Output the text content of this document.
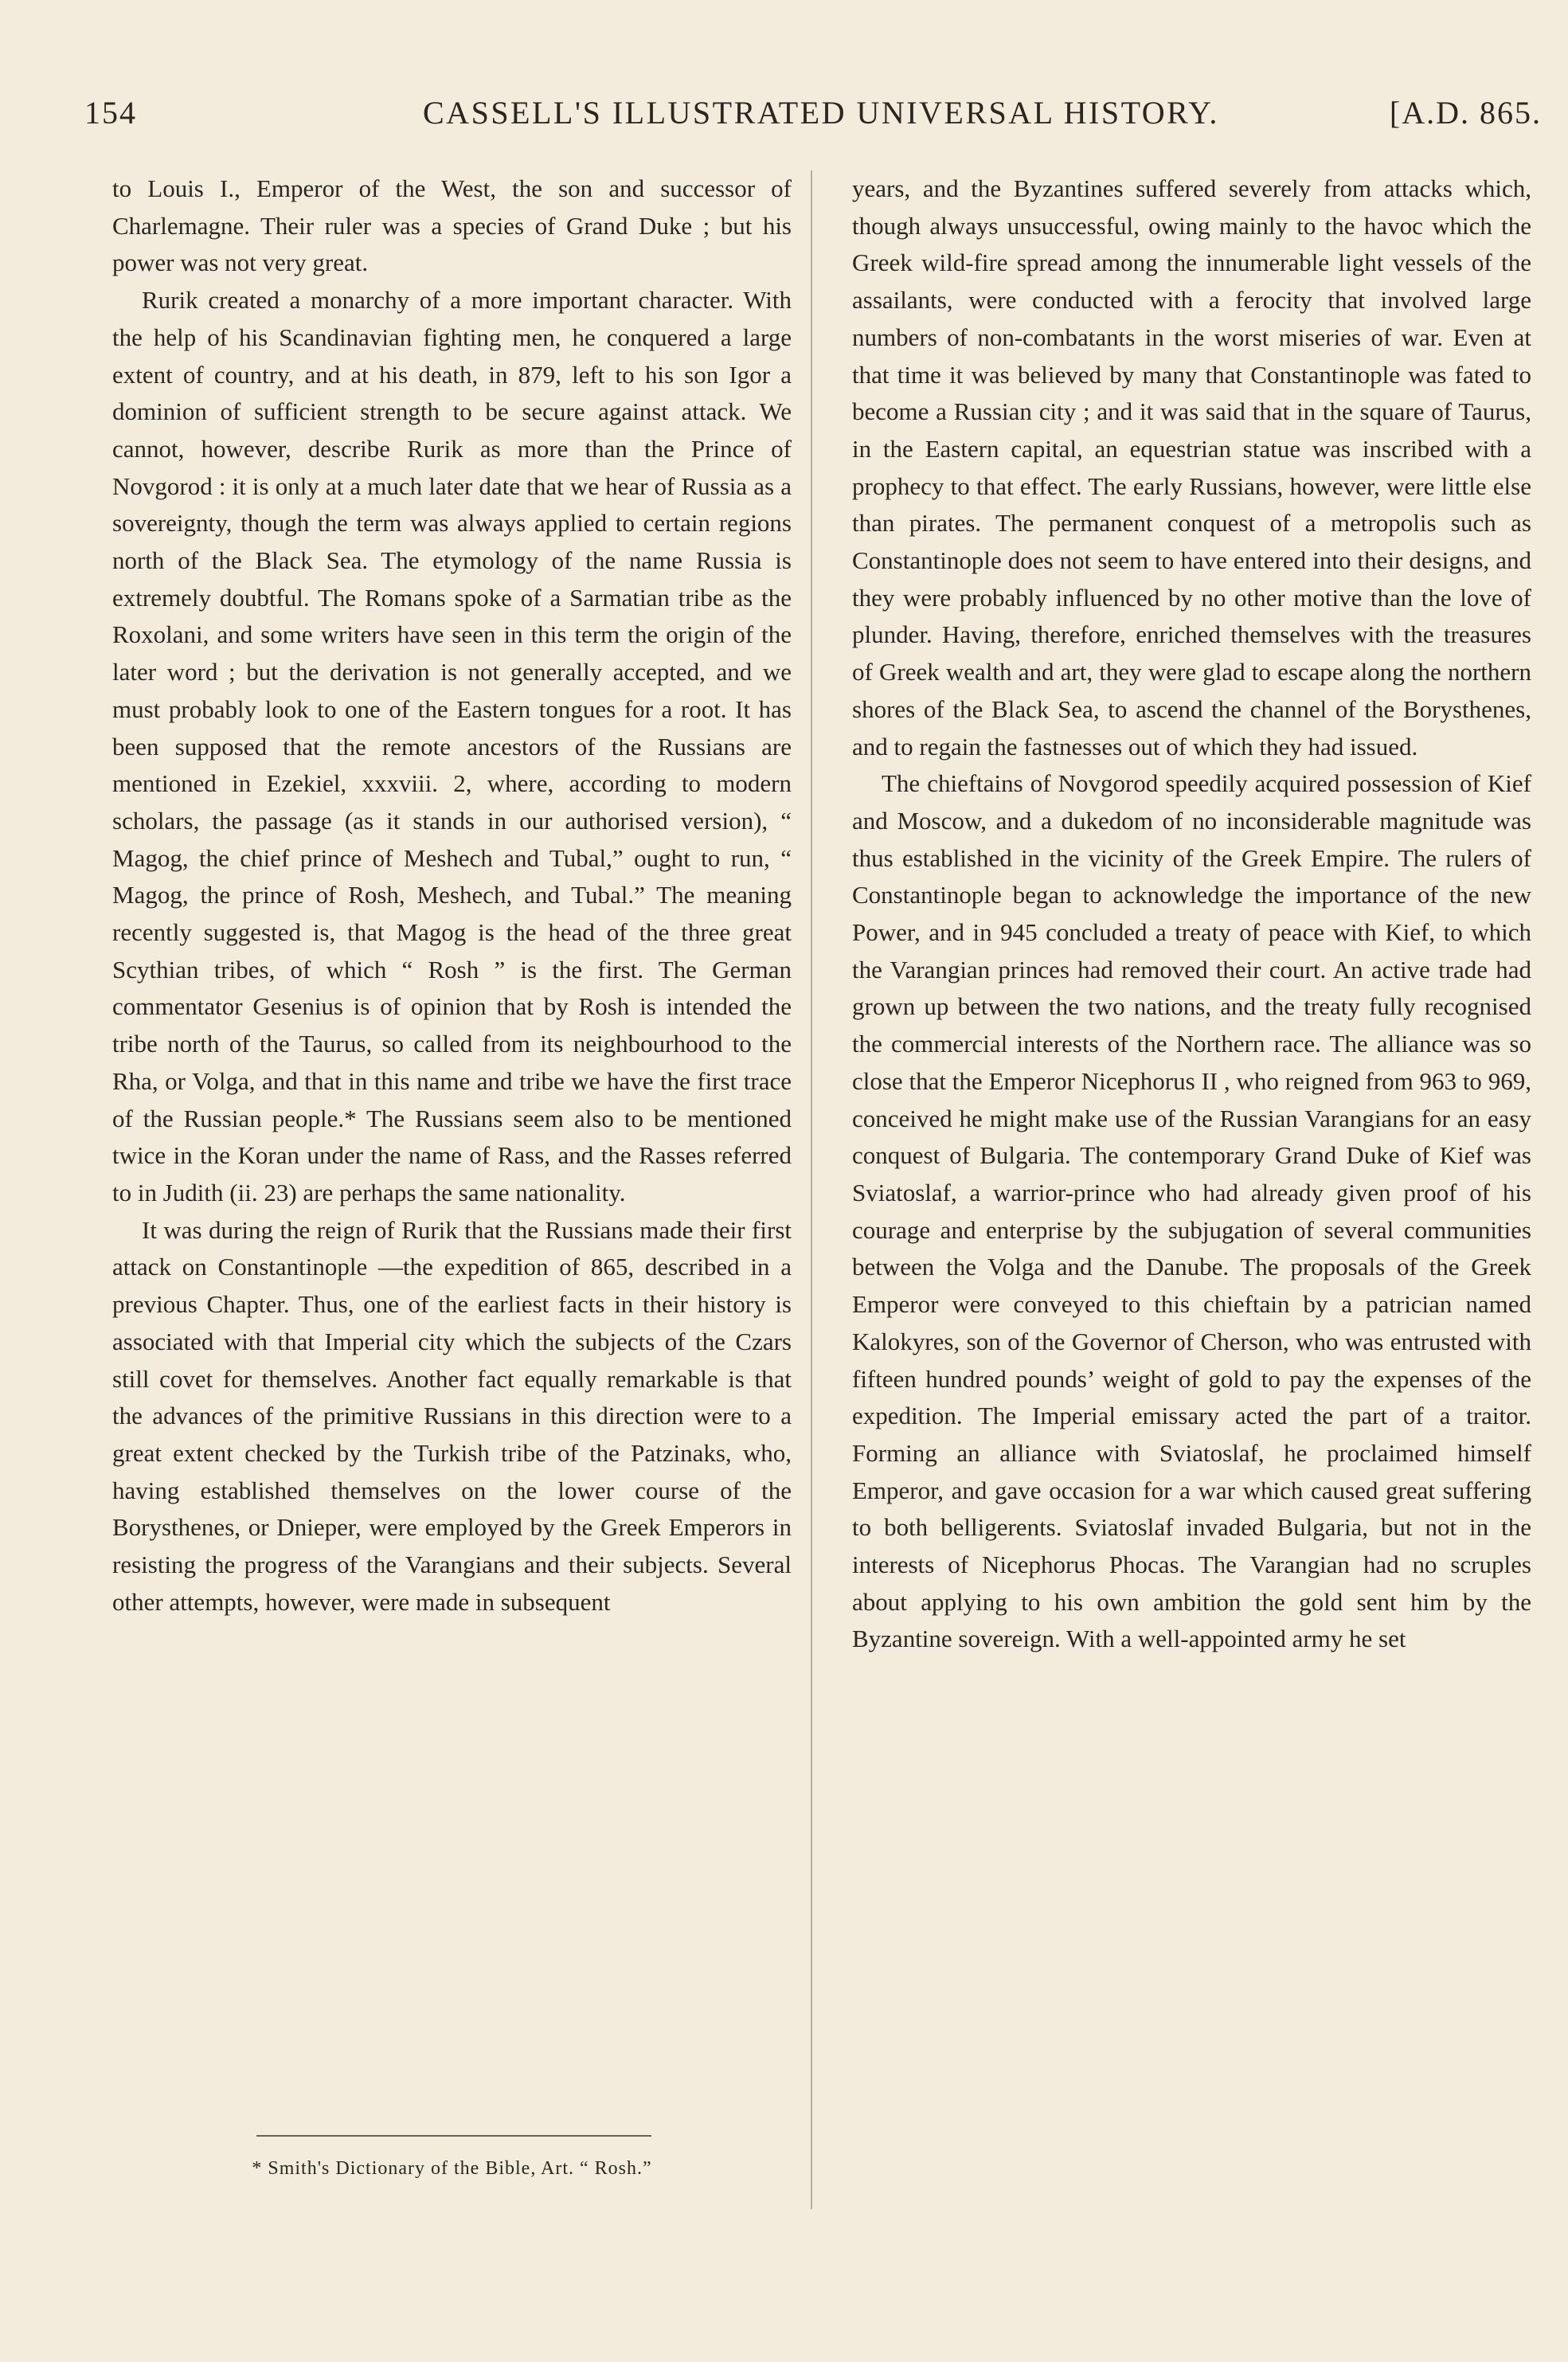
154	CASSELL'S ILLUSTRATED UNIVERSAL HISTORY.	[A.D. 865.

to Louis I., Emperor of the West, the son and successor of Charlemagne. Their ruler was a species of Grand Duke ; but his power was not very great.

Rurik created a monarchy of a more important character. With the help of his Scandinavian fighting men, he conquered a large extent of country, and at his death, in 879, left to his son Igor a dominion of sufficient strength to be secure against attack. We cannot, however, describe Rurik as more than the Prince of Novgorod : it is only at a much later date that we hear of Russia as a sovereignty, though the term was always applied to certain regions north of the Black Sea. The etymology of the name Russia is extremely doubtful. The Romans spoke of a Sarmatian tribe as the Roxolani, and some writers have seen in this term the origin of the later word ; but the derivation is not generally accepted, and we must probably look to one of the Eastern tongues for a root. It has been supposed that the remote ancestors of the Russians are mentioned in Ezekiel, xxxviii. 2, where, according to modern scholars, the passage (as it stands in our authorised version), “ Magog, the chief prince of Meshech and Tubal,” ought to run, “ Magog, the prince of Rosh, Meshech, and Tubal.” The meaning recently suggested is, that Magog is the head of the three great Scythian tribes, of which “ Rosh ” is the first. The German commentator Gesenius is of opinion that by Rosh is intended the tribe north of the Taurus, so called from its neighbourhood to the Rha, or Volga, and that in this name and tribe we have the first trace of the Russian people.* The Russians seem also to be mentioned twice in the Koran under the name of Rass, and the Rasses referred to in Judith (ii. 23) are perhaps the same nationality.

It was during the reign of Rurik that the Russians made their first attack on Constantinople —the expedition of 865, described in a previous Chapter. Thus, one of the earliest facts in their history is associated with that Imperial city which the subjects of the Czars still covet for themselves. Another fact equally remarkable is that the advances of the primitive Russians in this direction were to a great extent checked by the Turkish tribe of the Patzinaks, who, having established themselves on the lower course of the Borysthenes, or Dnieper, were employed by the Greek Emperors in resisting the progress of the Varangians and their subjects. Several other attempts, however, were made in subsequent

years, and the Byzantines suffered severely from attacks which, though always unsuccessful, owing mainly to the havoc which the Greek wild-fire spread among the innumerable light vessels of the assailants, were conducted with a ferocity that involved large numbers of non-combatants in the worst miseries of war. Even at that time it was believed by many that Constantinople was fated to become a Russian city ; and it was said that in the square of Taurus, in the Eastern capital, an equestrian statue was inscribed with a prophecy to that effect. The early Russians, however, were little else than pirates. The permanent conquest of a metropolis such as Constantinople does not seem to have entered into their designs, and they were probably influenced by no other motive than the love of plunder. Having, therefore, enriched themselves with the treasures of Greek wealth and art, they were glad to escape along the northern shores of the Black Sea, to ascend the channel of the Borysthenes, and to regain the fastnesses out of which they had issued.

The chieftains of Novgorod speedily acquired possession of Kief and Moscow, and a dukedom of no inconsiderable magnitude was thus established in the vicinity of the Greek Empire. The rulers of Constantinople began to acknowledge the importance of the new Power, and in 945 concluded a treaty of peace with Kief, to which the Varangian princes had removed their court. An active trade had grown up between the two nations, and the treaty fully recognised the commercial interests of the Northern race. The alliance was so close that the Emperor Nicephorus II , who reigned from 963 to 969, conceived he might make use of the Russian Varangians for an easy conquest of Bulgaria. The contemporary Grand Duke of Kief was Sviatoslaf, a warrior-prince who had already given proof of his courage and enterprise by the subjugation of several communities between the Volga and the Danube. The proposals of the Greek Emperor were conveyed to this chieftain by a patrician named Kalokyres, son of the Governor of Cherson, who was entrusted with fifteen hundred pounds’ weight of gold to pay the expenses of the expedition. The Imperial emissary acted the part of a traitor. Forming an alliance with Sviatoslaf, he proclaimed himself Emperor, and gave occasion for a war which caused great suffering to both belligerents. Sviatoslaf invaded Bulgaria, but not in the interests of Nicephorus Phocas. The Varangian had no scruples about applying to his own ambition the gold sent him by the Byzantine sovereign. With a well-appointed army he set

* Smith's Dictionary of the Bible, Art. “ Rosh.”
